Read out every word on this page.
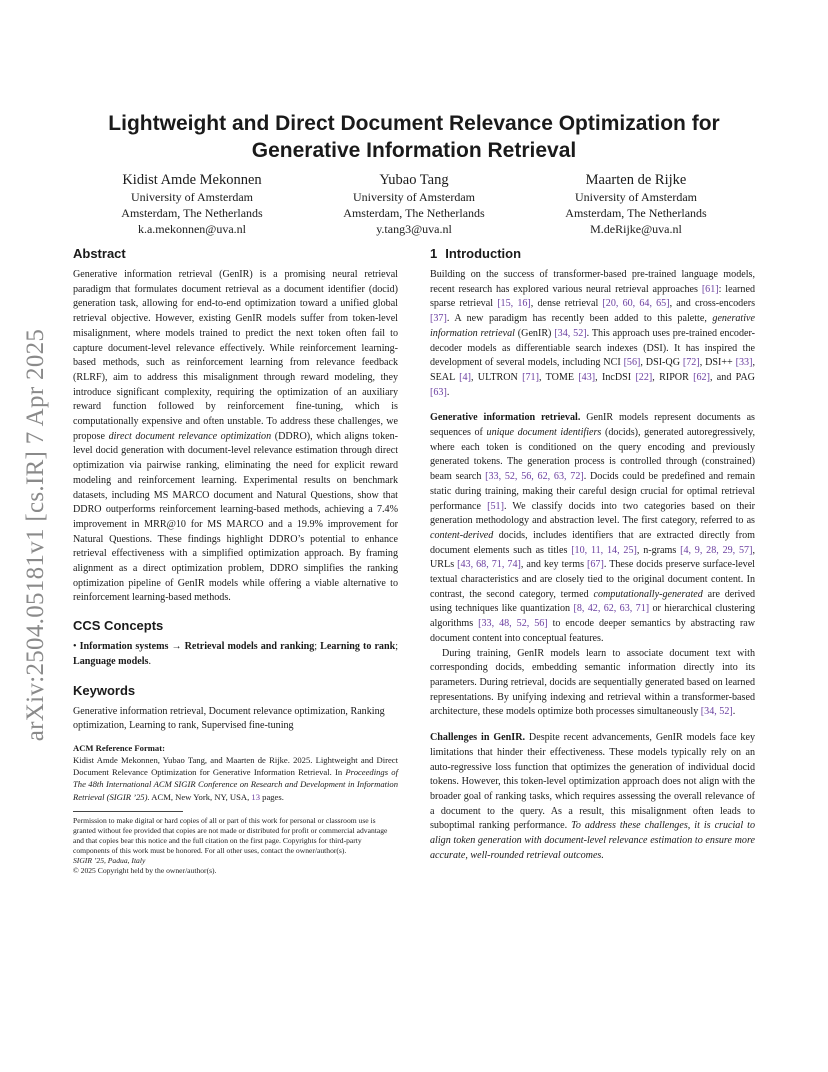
arXiv:2504.05181v1 [cs.IR] 7 Apr 2025
Lightweight and Direct Document Relevance Optimization for
Generative Information Retrieval
Kidist Amde Mekonnen
University of Amsterdam
Amsterdam, The Netherlands
k.a.mekonnen@uva.nl
Yubao Tang
University of Amsterdam
Amsterdam, The Netherlands
y.tang3@uva.nl
Maarten de Rijke
University of Amsterdam
Amsterdam, The Netherlands
M.deRijke@uva.nl
Abstract

Generative information retrieval (GenIR) is a promising neural retrieval paradigm that formulates document retrieval as a document identifier (docid) generation task, allowing for end-to-end optimization toward a unified global retrieval objective. However, existing GenIR models suffer from token-level misalignment, where models trained to predict the next token often fail to capture document-level relevance effectively. While reinforcement learning-based methods, such as reinforcement learning from relevance feedback (RLRF), aim to address this misalignment through reward modeling, they introduce significant complexity, requiring the optimization of an auxiliary reward function followed by reinforcement fine-tuning, which is computationally expensive and often unstable. To address these challenges, we propose direct document relevance optimization (DDRO), which aligns token-level docid generation with document-level relevance estimation through direct optimization via pairwise ranking, eliminating the need for explicit reward modeling and reinforcement learning. Experimental results on benchmark datasets, including MS MARCO document and Natural Questions, show that DDRO outperforms reinforcement learning-based methods, achieving a 7.4% improvement in MRR@10 for MS MARCO and a 19.9% improvement for Natural Questions. These findings highlight DDRO’s potential to enhance retrieval effectiveness with a simplified optimization approach. By framing alignment as a direct optimization problem, DDRO simplifies the ranking optimization pipeline of GenIR models while offering a viable alternative to reinforcement learning-based methods.

CCS Concepts

• Information systems → Retrieval models and ranking; Learning to rank; Language models.

Keywords

Generative information retrieval, Document relevance optimization, Ranking optimization, Learning to rank, Supervised fine-tuning

ACM Reference Format:

Kidist Amde Mekonnen, Yubao Tang, and Maarten de Rijke. 2025. Lightweight and Direct Document Relevance Optimization for Generative Information Retrieval. In Proceedings of The 48th International ACM SIGIR Conference on Research and Development in Information Retrieval (SIGIR ’25). ACM, New York, NY, USA, 13 pages.

Permission to make digital or hard copies of all or part of this work for personal or classroom use is granted without fee provided that copies are not made or distributed for profit or commercial advantage and that copies bear this notice and the full citation on the first page. Copyrights for third-party components of this work must be honored. For all other uses, contact the owner/author(s).

SIGIR ’25, Padua, Italy

© 2025 Copyright held by the owner/author(s).

1 Introduction

Building on the success of transformer-based pre-trained language models, recent research has explored various neural retrieval approaches [61]: learned sparse retrieval [15, 16], dense retrieval [20, 60, 64, 65], and cross-encoders [37]. A new paradigm has recently been added to this palette, generative information retrieval (GenIR) [34, 52]. This approach uses pre-trained encoder-decoder models as differentiable search indexes (DSI). It has inspired the development of several models, including NCI [56], DSI-QG [72], DSI++ [33], SEAL [4], ULTRON [71], TOME [43], IncDSI [22], RIPOR [62], and PAG [63].

Generative information retrieval. GenIR models represent documents as sequences of unique document identifiers (docids), generated autoregressively, where each token is conditioned on the query encoding and previously generated tokens. The generation process is controlled through (constrained) beam search [33, 52, 56, 62, 63, 72]. Docids could be predefined and remain static during training, making their careful design crucial for optimal retrieval performance [51]. We classify docids into two categories based on their generation methodology and abstraction level. The first category, referred to as content-derived docids, includes identifiers that are extracted directly from document elements such as titles [10, 11, 14, 25], n-grams [4, 9, 28, 29, 57], URLs [43, 68, 71, 74], and key terms [67]. These docids preserve surface-level textual characteristics and are closely tied to the original document content. In contrast, the second category, termed computationally-generated are derived using techniques like quantization [8, 42, 62, 63, 71] or hierarchical clustering algorithms [33, 48, 52, 56] to encode deeper semantics by abstracting raw document content into conceptual features.

During training, GenIR models learn to associate document text with corresponding docids, embedding semantic information directly into its parameters. During retrieval, docids are sequentially generated based on learned representations. By unifying indexing and retrieval within a transformer-based architecture, these models optimize both processes simultaneously [34, 52].

Challenges in GenIR. Despite recent advancements, GenIR models face key limitations that hinder their effectiveness. These models typically rely on an auto-regressive loss function that optimizes the generation of individual docid tokens. However, this token-level optimization approach does not align with the broader goal of ranking tasks, which requires assessing the overall relevance of a document to the query. As a result, this misalignment often leads to suboptimal ranking performance. To address these challenges, it is crucial to align token generation with document-level relevance estimation to ensure more accurate, well-rounded retrieval outcomes.
